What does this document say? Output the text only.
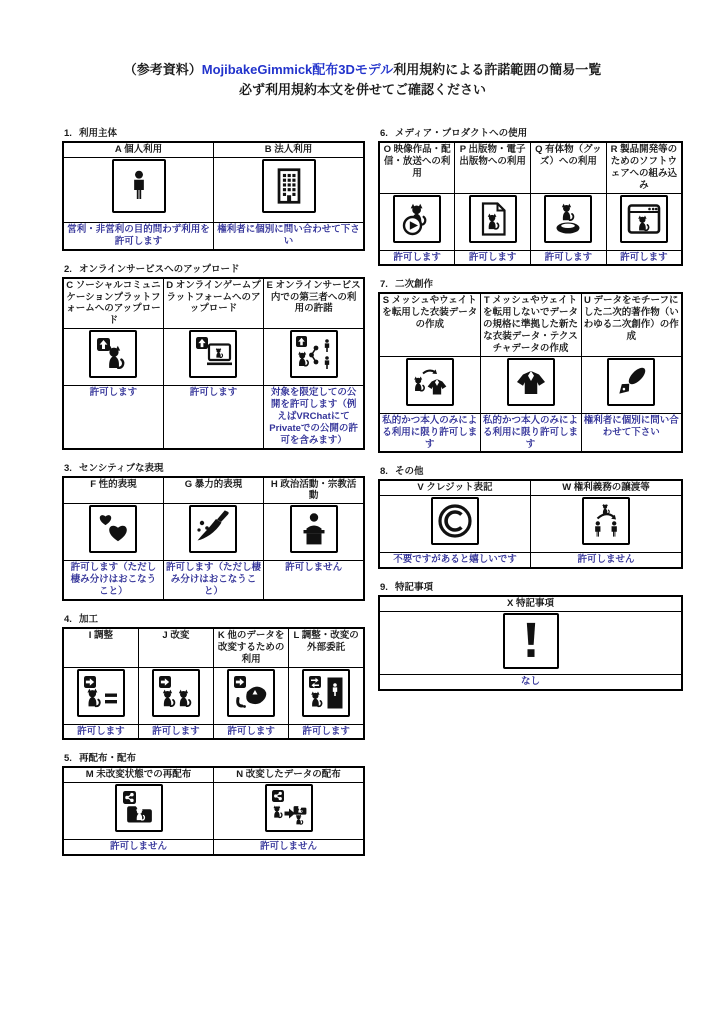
（参考資料）MojibakeGimmick配布3Dモデル利用規約による許諾範囲の簡易一覧
必ず利用規約本文を併せてご確認ください
1. 利用主体
A 個人利用	B 法人利用

営利・非営利の目的問わず利用を許可します	権利者に個別に問い合わせて下さい
2. オンラインサービスへのアップロード
C ソーシャルコミュニケーションプラットフォームへのアップロード	D オンラインゲームプラットフォームへのアップロード	E オンラインサービス内での第三者への利用の許諾

許可します	許可します	対象を限定しての公開を許可します（例えばVRChatにてPrivateでの公開の許可を含みます）
3. センシティブな表現
F 性的表現	G 暴力的表現	H 政治活動・宗教活動

許可します（ただし棲み分けはおこなうこと）	許可します（ただし棲み分けはおこなうこと）	許可しません
4. 加工
I 調整	J 改変	K 他のデータを改変するための利用	L 調整・改変の外部委託

許可します	許可します	許可します	許可します
5. 再配布・配布
M 未改変状態での再配布	N 改変したデータの配布

許可しません	許可しません
6. メディア・プロダクトへの使用
O 映像作品・配信・放送への利用	P 出版物・電子出版物への利用	Q 有体物（グッズ）への利用	R 製品開発等のためのソフトウェアへの組み込み

許可します	許可します	許可します	許可します
7. 二次創作
S メッシュやウェイトを転用した衣装データの作成	T メッシュやウェイトを転用しないでデータの規格に準拠した新たな衣装データ・テクスチャデータの作成	U データをモチーフにした二次的著作物（いわゆる二次創作）の作成

私的かつ本人のみによる利用に限り許可します	私的かつ本人のみによる利用に限り許可します	権利者に個別に問い合わせて下さい
8. その他
V クレジット表記	W 権利義務の譲渡等

不要ですがあると嬉しいです	許可しません
9. 特記事項
X 特記事項

なし
